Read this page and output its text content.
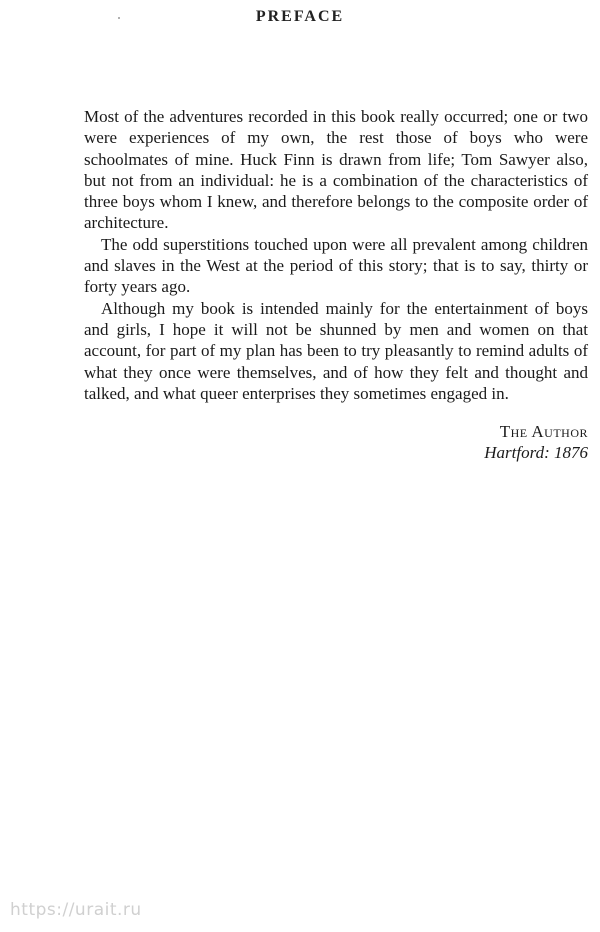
PREFACE

Most of the adventures recorded in this book really occurred; one or two were experiences of my own, the rest those of boys who were schoolmates of mine. Huck Finn is drawn from life; Tom Sawyer also, but not from an individual: he is a combination of the characteristics of three boys whom I knew, and therefore belongs to the composite order of architecture.

The odd superstitions touched upon were all prevalent among children and slaves in the West at the period of this story; that is to say, thirty or forty years ago.

Although my book is intended mainly for the entertainment of boys and girls, I hope it will not be shunned by men and women on that account, for part of my plan has been to try pleasantly to remind adults of what they once were themselves, and of how they felt and thought and talked, and what queer enterprises they sometimes engaged in.

The Author
Hartford: 1876
https://urait.ru
